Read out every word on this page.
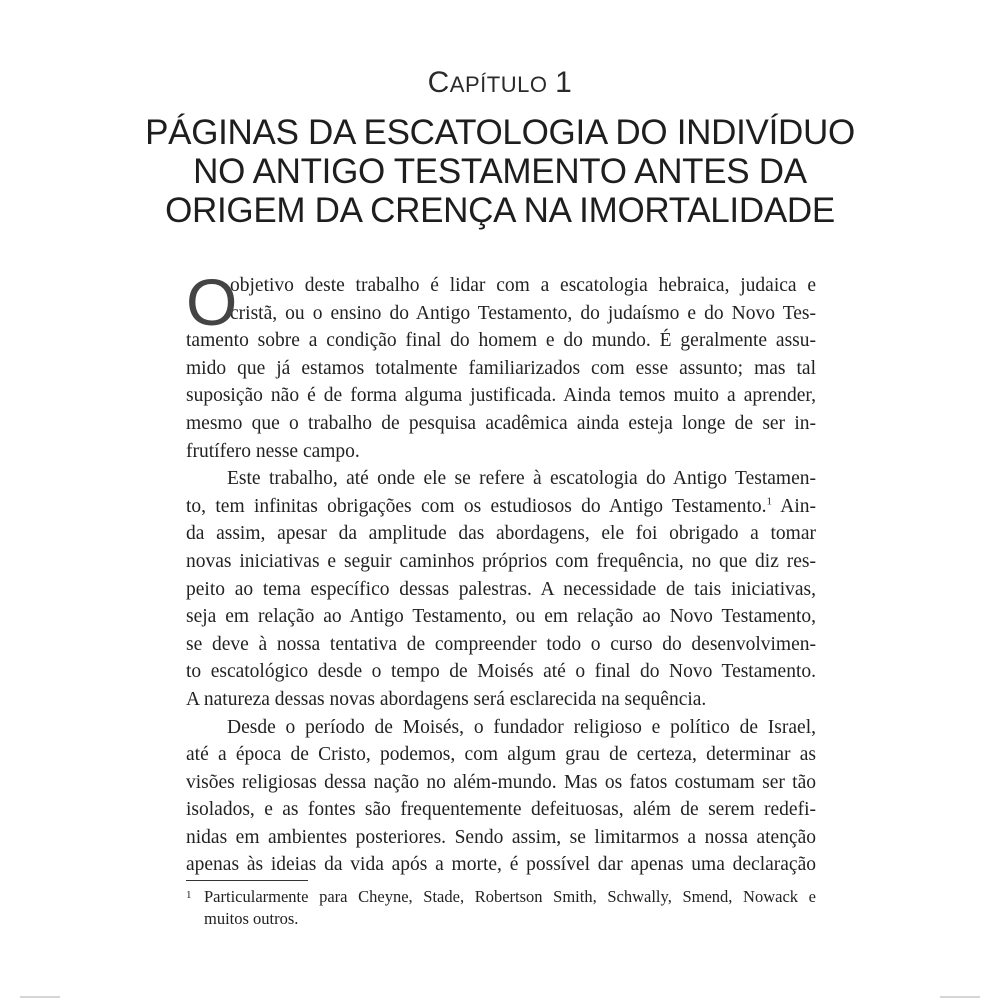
CAPÍTULO 1
PÁGINAS DA ESCATOLOGIA DO INDIVÍDUO
NO ANTIGO TESTAMENTO ANTES DA
ORIGEM DA CRENÇA NA IMORTALIDADE
O
objetivo deste trabalho é lidar com a escatologia hebraica, judaica e
cristã, ou o ensino do Antigo Testamento, do judaísmo e do Novo Tes-
tamento sobre a condição final do homem e do mundo. É geralmente assu-
mido que já estamos totalmente familiarizados com esse assunto; mas tal
suposição não é de forma alguma justificada. Ainda temos muito a aprender,
mesmo que o trabalho de pesquisa acadêmica ainda esteja longe de ser in-
frutífero nesse campo.
Este trabalho, até onde ele se refere à escatologia do Antigo Testamen-
to, tem infinitas obrigações com os estudiosos do Antigo Testamento.$^1$ Ain-
da assim, apesar da amplitude das abordagens, ele foi obrigado a tomar
novas iniciativas e seguir caminhos próprios com frequência, no que diz res-
peito ao tema específico dessas palestras. A necessidade de tais iniciativas,
seja em relação ao Antigo Testamento, ou em relação ao Novo Testamento,
se deve à nossa tentativa de compreender todo o curso do desenvolvimen-
to escatológico desde o tempo de Moisés até o final do Novo Testamento.
A natureza dessas novas abordagens será esclarecida na sequência.
Desde o período de Moisés, o fundador religioso e político de Israel,
até a época de Cristo, podemos, com algum grau de certeza, determinar as
visões religiosas dessa nação no além-mundo. Mas os fatos costumam ser tão
isolados, e as fontes são frequentemente defeituosas, além de serem redefi-
nidas em ambientes posteriores. Sendo assim, se limitarmos a nossa atenção
apenas às ideias da vida após a morte, é possível dar apenas uma declaração
1 Particularmente para Cheyne, Stade, Robertson Smith, Schwally, Smend, Nowack e
muitos outros.
